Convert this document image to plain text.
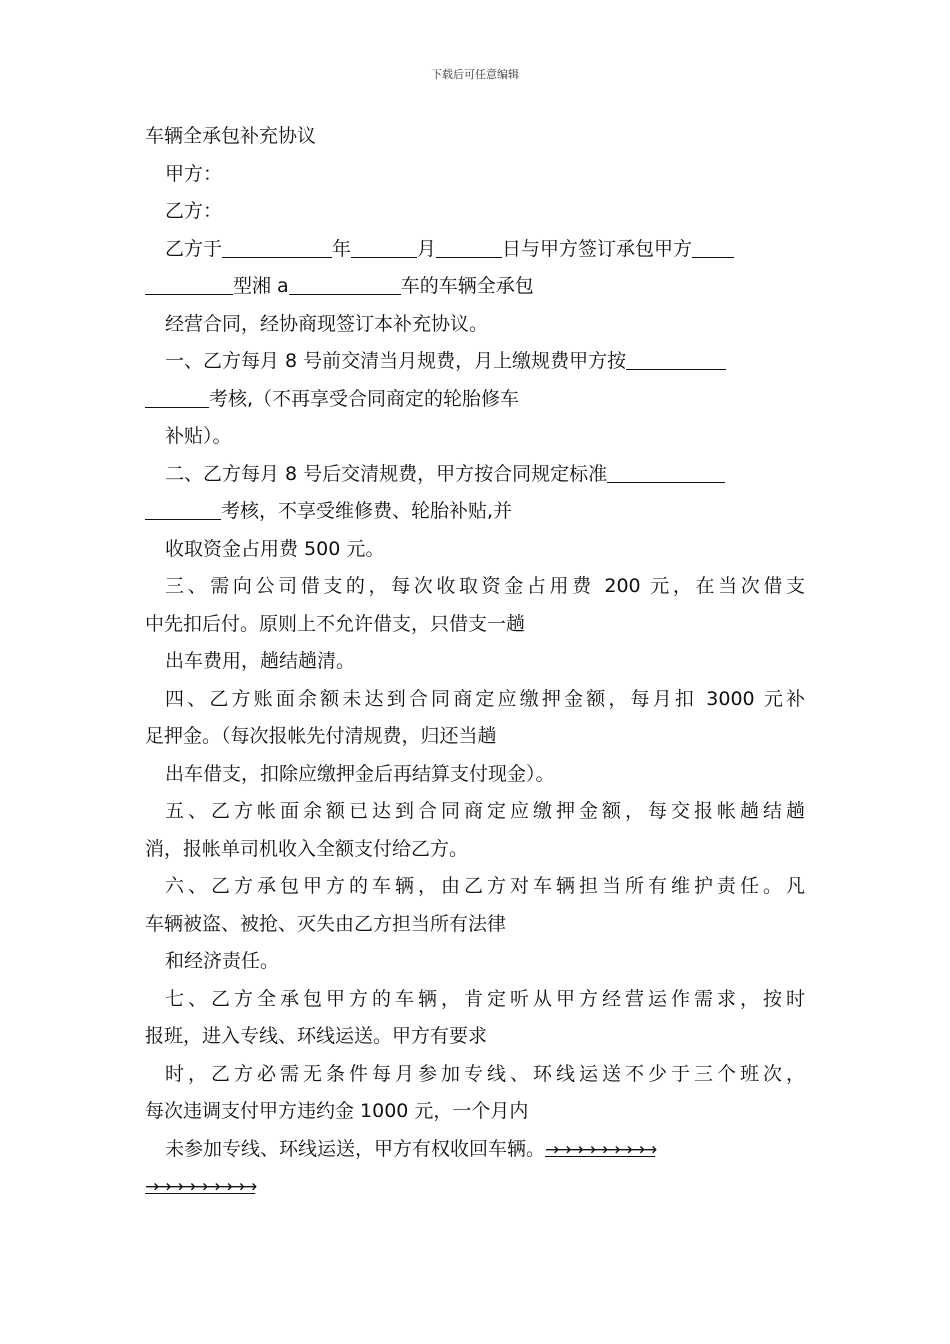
下载后可任意编辑
车辆全承包补充协议
甲方：
乙方：
乙方于	年	月	日与甲方签订承包甲方
型湘 a	车的车辆全承包
经营合同，经协商现签订本补充协议。
一、乙方每月 8 号前交清当月规费，月上缴规费甲方按
考核,（不再享受合同商定的轮胎修车
补贴）。
二、乙方每月 8 号后交清规费，甲方按合同规定标准
考核，不享受维修费、轮胎补贴,并
收取资金占用费 500 元。
三、需向公司借支的，每次收取资金占用费 200 元，在当次借支
中先扣后付。原则上不允许借支，只借支一趟
出车费用，趟结趟清。
四、乙方账面余额未达到合同商定应缴押金额，每月扣 3000 元补
足押金。（每次报帐先付清规费，归还当趟
出车借支，扣除应缴押金后再结算支付现金）。
五、乙方帐面余额已达到合同商定应缴押金额，每交报帐趟结趟
消，报帐单司机收入全额支付给乙方。
六、乙方承包甲方的车辆，由乙方对车辆担当所有维护责任。凡
车辆被盗、被抢、灭失由乙方担当所有法律
和经济责任。
七、乙方全承包甲方的车辆，肯定听从甲方经营运作需求，按时
报班，进入专线、环线运送。甲方有要求
时，乙方必需无条件每月参加专线、环线运送不少于三个班次，
每次违调支付甲方违约金 1000 元，一个月内
未参加专线、环线运送，甲方有权收回车辆。→→→→→→→→→
→→→→→→→→→
